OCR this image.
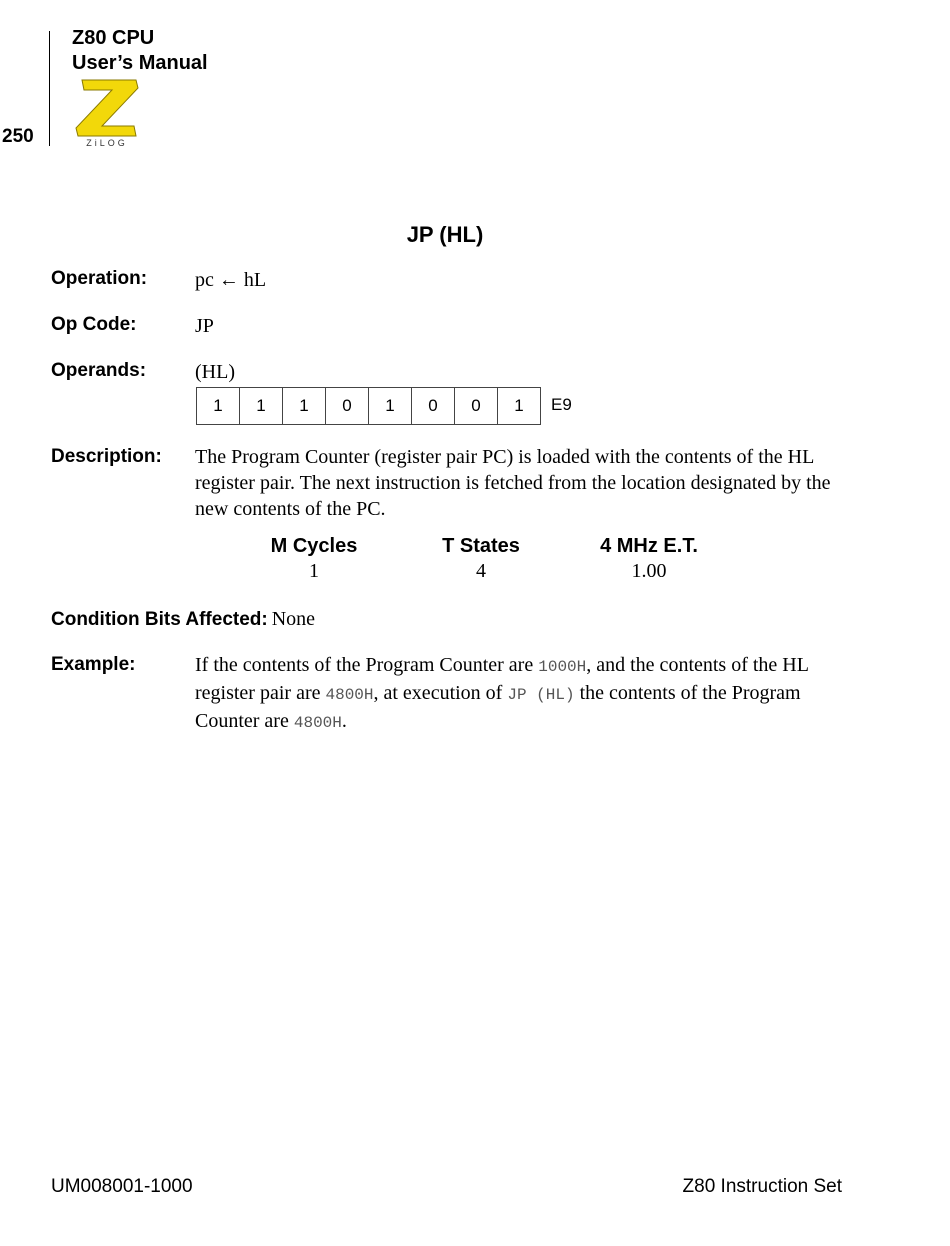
250
Z80 CPU
User’s Manual
ZiLOG
JP (HL)
Operation: pc ← hL
Op Code:	JP
Operands: (HL)
1	1	1	0	1	0	0	1	E9
Description: The Program Counter (register pair PC) is loaded with the contents of the HL register pair. The next instruction is fetched from the location designated by the new contents of the PC.
M Cycles	T States	4 MHz E.T.
1	4	1.00
Condition Bits Affected: None
Example:	If the contents of the Program Counter are 1000H, and the contents of the HL register pair are 4800H, at execution of JP (HL) the contents of the Program Counter are 4800H.
UM008001-1000	Z80 Instruction Set
